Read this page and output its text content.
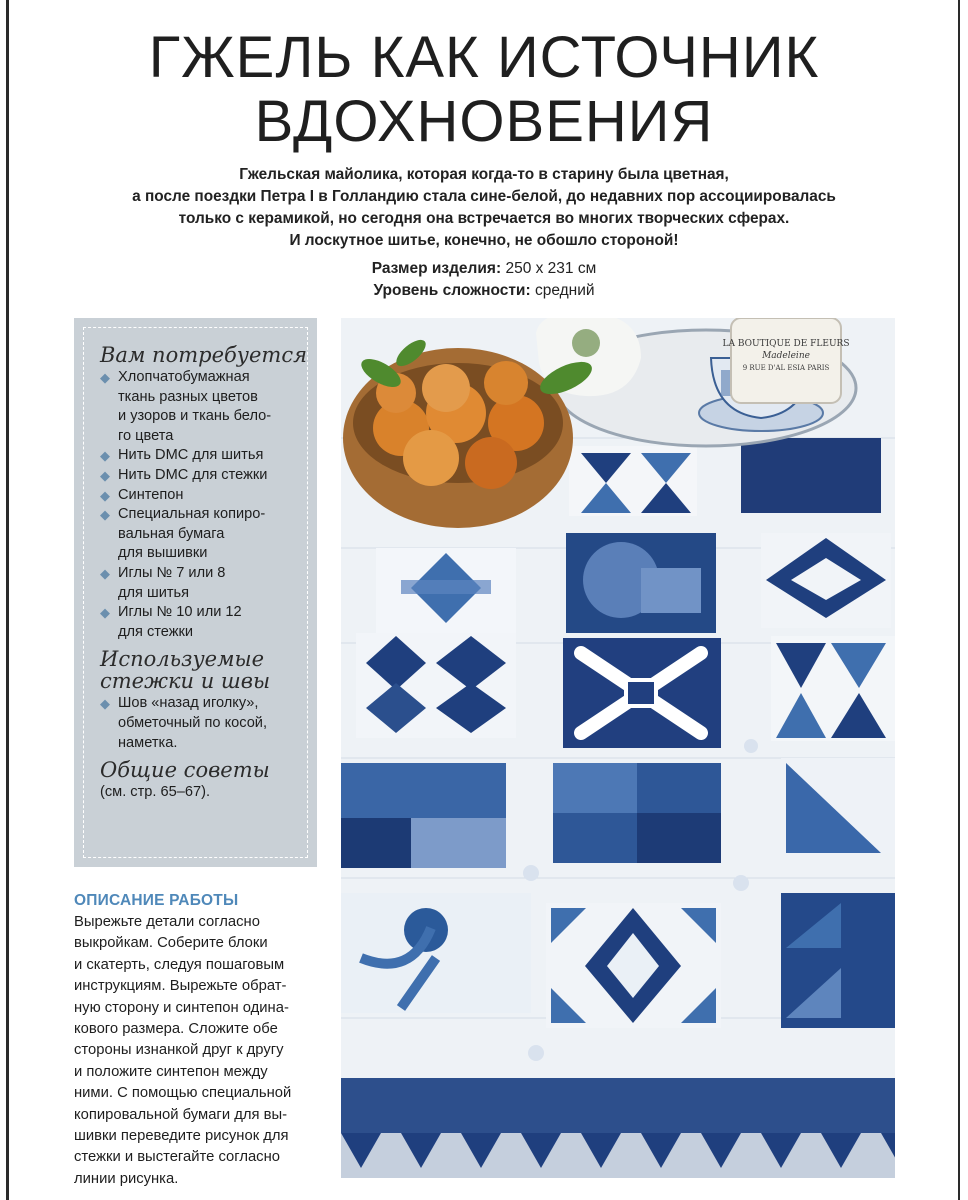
ГЖЕЛЬ КАК ИСТОЧНИК
ВДОХНОВЕНИЯ
Гжельская майолика, которая когда-то в старину была цветная,
а после поездки Петра I в Голландию стала сине-белой, до недавних пор ассоциировалась
только с керамикой, но сегодня она встречается во многих творческих сферах.
И лоскутное шитье, конечно, не обошло стороной!
Размер изделия: 250 х 231 см
Уровень сложности: средний
Вам потребуется
◆ Хлопчатобумажная
ткань разных цветов
и узоров и ткань бело-
го цвета
◆ Нить DMC для шитья
◆ Нить DMC для стежки
◆ Синтепон
◆ Специальная копиро-
вальная бумага
для вышивки
◆ Иглы № 7 или 8
для шитья
◆ Иглы № 10 или 12
для стежки
Используемые
стежки и швы
◆ Шов «назад иголку»,
обметочный по косой,
наметка.
Общие советы
(см. стр. 65–67).
ОПИСАНИЕ РАБОТЫ
Вырежьте детали согласно
выкройкам. Соберите блоки
и скатерть, следуя пошаговым
инструкциям. Вырежьте обрат-
ную сторону и синтепон одина-
кового размера. Сложите обе
стороны изнанкой друг к другу
и положите синтепон между
ними. С помощью специальной
копировальной бумаги для вы-
шивки переведите рисунок для
стежки и выстегайте согласно
линии рисунка.
LA BOUTIQUE DE FLEURS
Madeleine
9 RUE D'AL ESIA PARIS
